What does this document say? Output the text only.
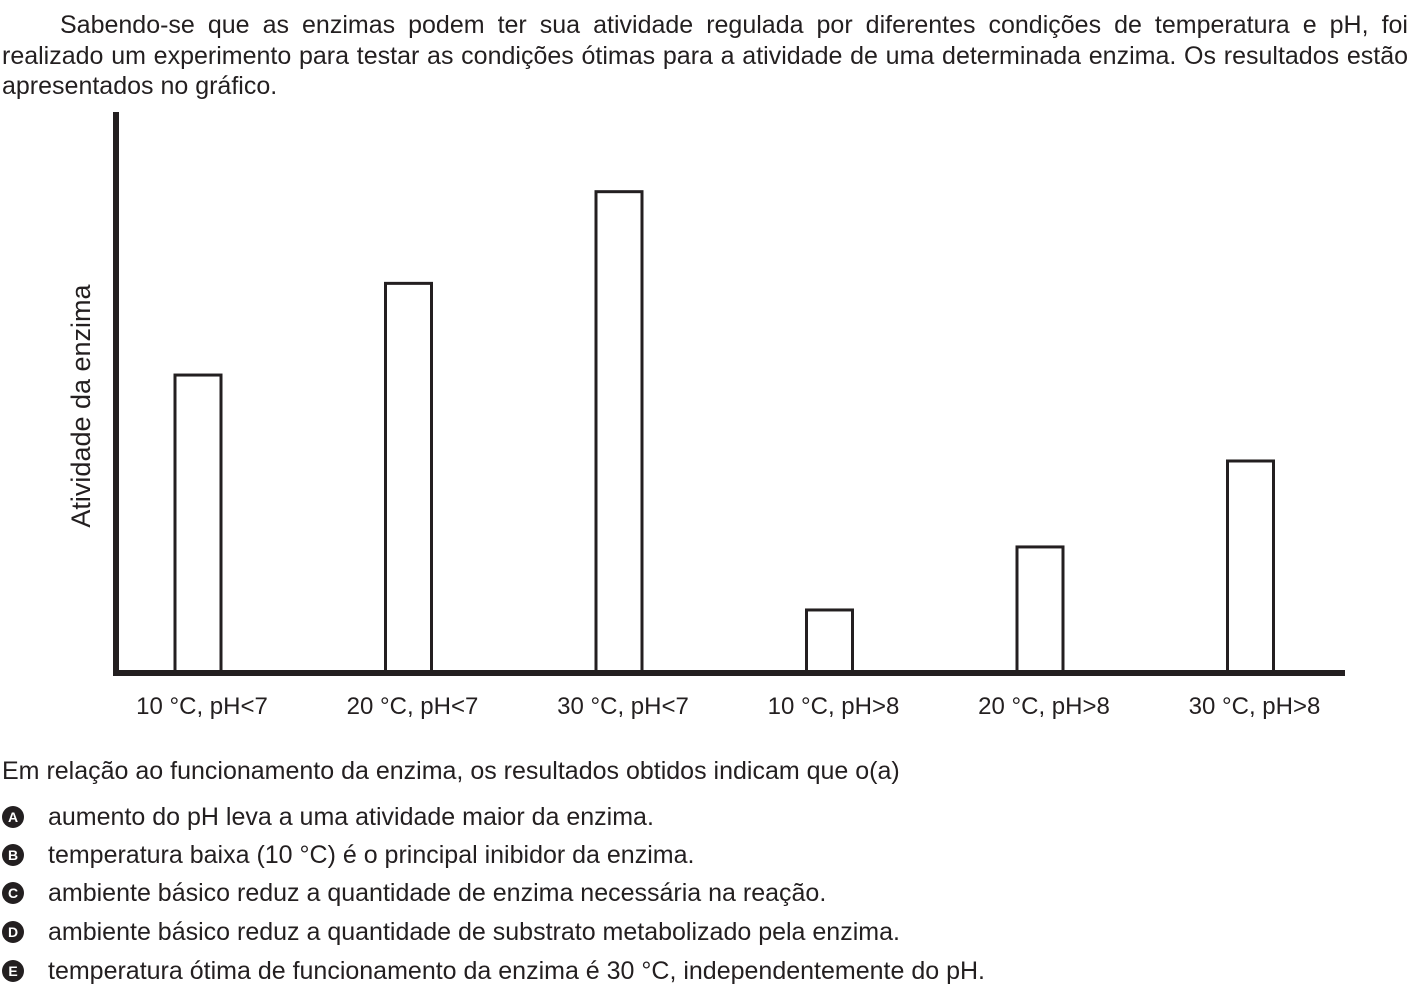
Sabendo-se que as enzimas podem ter sua atividade regulada por diferentes condições de temperatura e pH, foi realizado um experimento para testar as condições ótimas para a atividade de uma determinada enzima. Os resultados estão apresentados no gráfico.

10 °C, pH<7	20 °C, pH<7	30 °C, pH<7	10 °C, pH>8	20 °C, pH>8	30 °C, pH>8
Atividade da enzima

Em relação ao funcionamento da enzima, os resultados obtidos indicam que o(a)

A aumento do pH leva a uma atividade maior da enzima.
B temperatura baixa (10 °C) é o principal inibidor da enzima.
C ambiente básico reduz a quantidade de enzima necessária na reação.
D ambiente básico reduz a quantidade de substrato metabolizado pela enzima.
E temperatura ótima de funcionamento da enzima é 30 °C, independentemente do pH.
